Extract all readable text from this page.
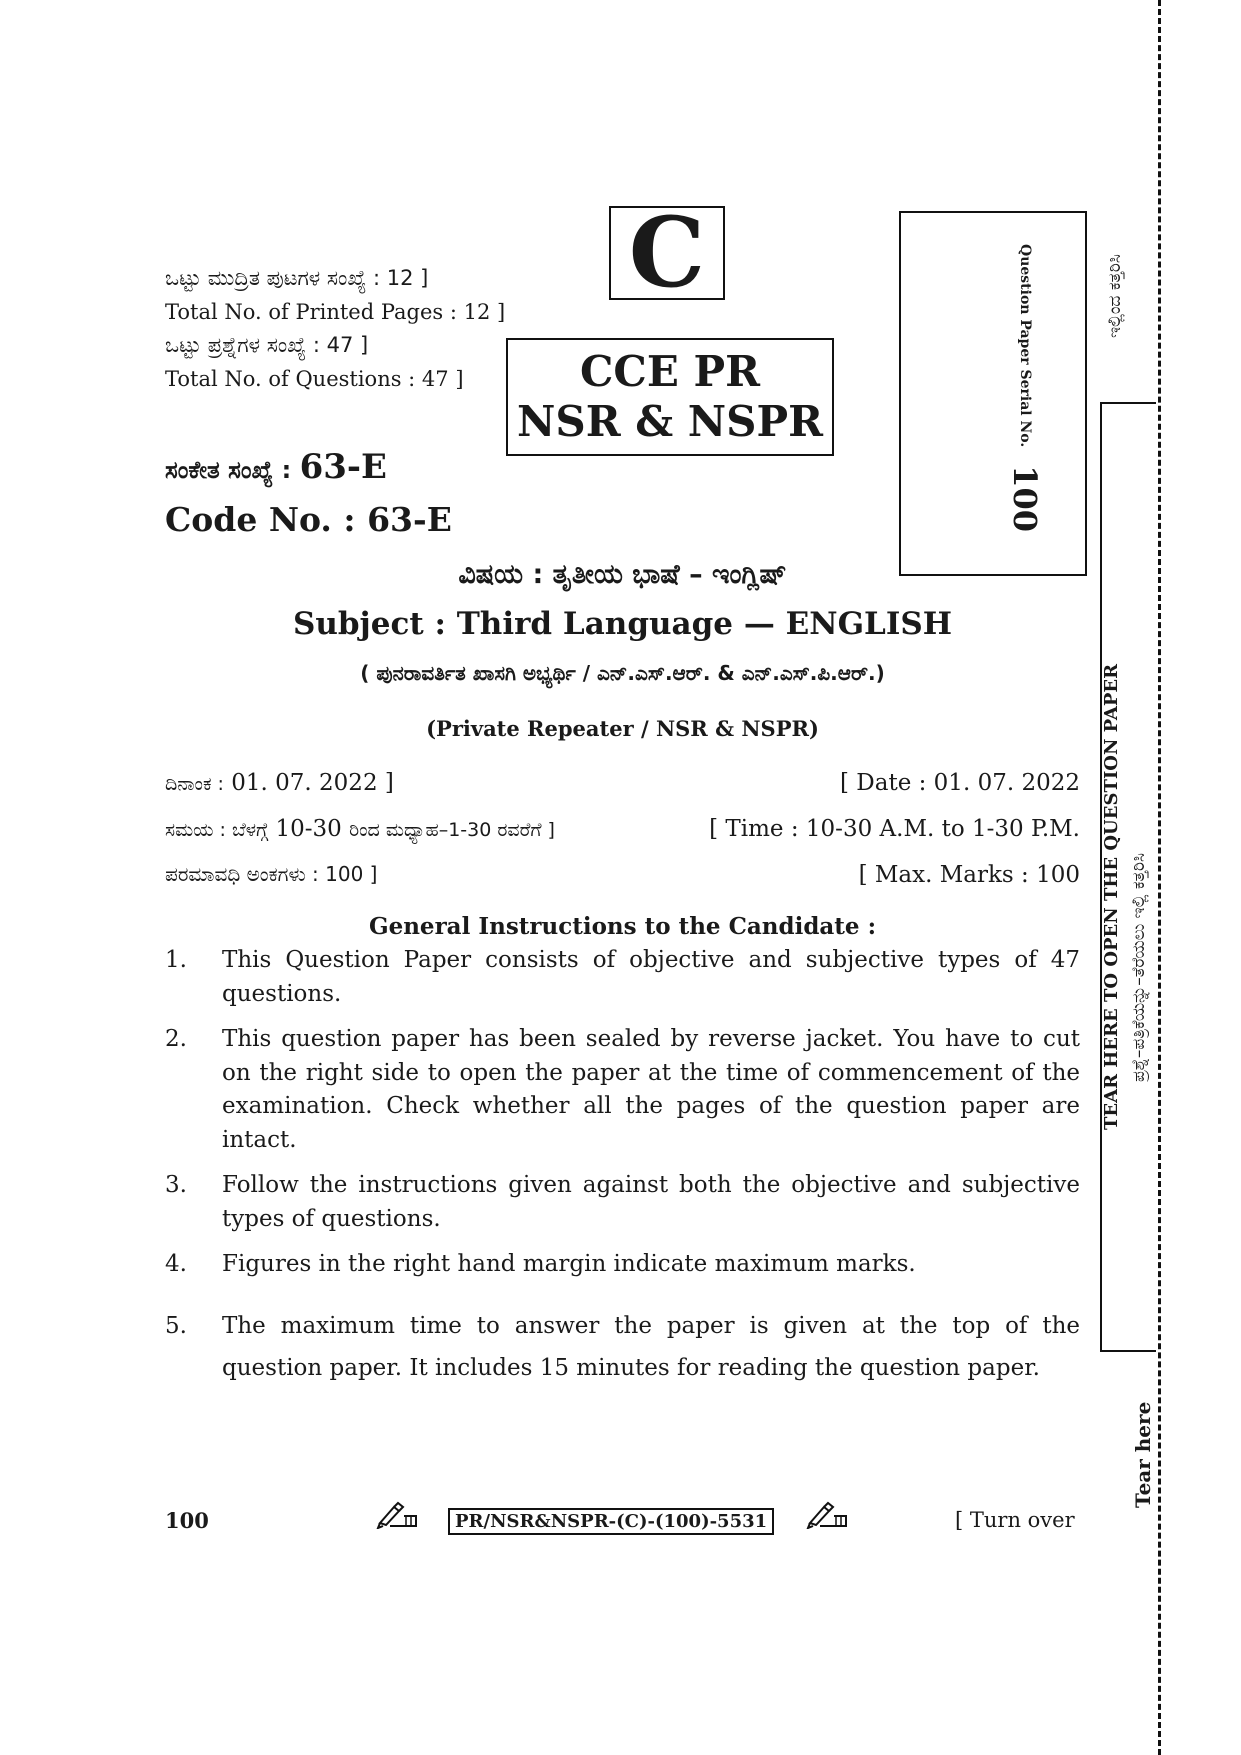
ಒಟ್ಟು ಮುದ್ರಿತ ಪುಟಗಳ ಸಂಖ್ಯೆ : 12 ]
Total No. of Printed Pages : 12 ]
ಒಟ್ಟು ಪ್ರಶ್ನೆಗಳ ಸಂಖ್ಯೆ : 47 ]
Total No. of Questions : 47 ]
C
CCE PR
NSR & NSPR	Question Paper Serial No.
100
ಸಂಕೇತ ಸಂಖ್ಯೆ : 63-E
Code No. : 63-E
ವಿಷಯ : ತೃತೀಯ ಭಾಷೆ – ಇಂಗ್ಲಿಷ್
Subject : Third Language — ENGLISH
( ಪುನರಾವರ್ತಿತ ಖಾಸಗಿ ಅಭ್ಯರ್ಥಿ / ಎನ್.ಎಸ್.ಆರ್. & ಎನ್.ಎಸ್.ಪಿ.ಆರ್.)
(Private Repeater / NSR & NSPR)
ದಿನಾಂಕ : 01. 07. 2022 ]	[ Date : 01. 07. 2022
ಸಮಯ : ಬೆಳಗ್ಗೆ 10-30 ರಿಂದ ಮಧ್ಯಾಹ–1-30 ರವರೆಗೆ ]	[ Time : 10-30 A.M. to 1-30 P.M.
ಪರಮಾವಧಿ ಅಂಕಗಳು : 100 ]	[ Max. Marks : 100
General Instructions to the Candidate :
1.	This Question Paper consists of objective and subjective types of 47 questions.
2.	This question paper has been sealed by reverse jacket. You have to cut on the right side to open the paper at the time of commencement of the examination. Check whether all the pages of the question paper are intact.
3.	Follow the instructions given against both the objective and subjective types of questions.
4.	Figures in the right hand margin indicate maximum marks.
5.	The maximum time to answer the paper is given at the top of the question paper. It includes 15 minutes for reading the question paper.
100	PR/NSR&NSPR-(C)-(100)-5531	[ Turn over
TEAR HERE TO OPEN THE QUESTION PAPER ಪ್ರಶ್ನೆ–ಪತ್ರಿಕೆಯನ್ನು–ತೆರೆಯಲು ಇಲ್ಲಿ ಕತ್ತರಿಸಿ
ಇಲ್ಲಿಂದ ಕತ್ತರಿಸಿ
Tear here
